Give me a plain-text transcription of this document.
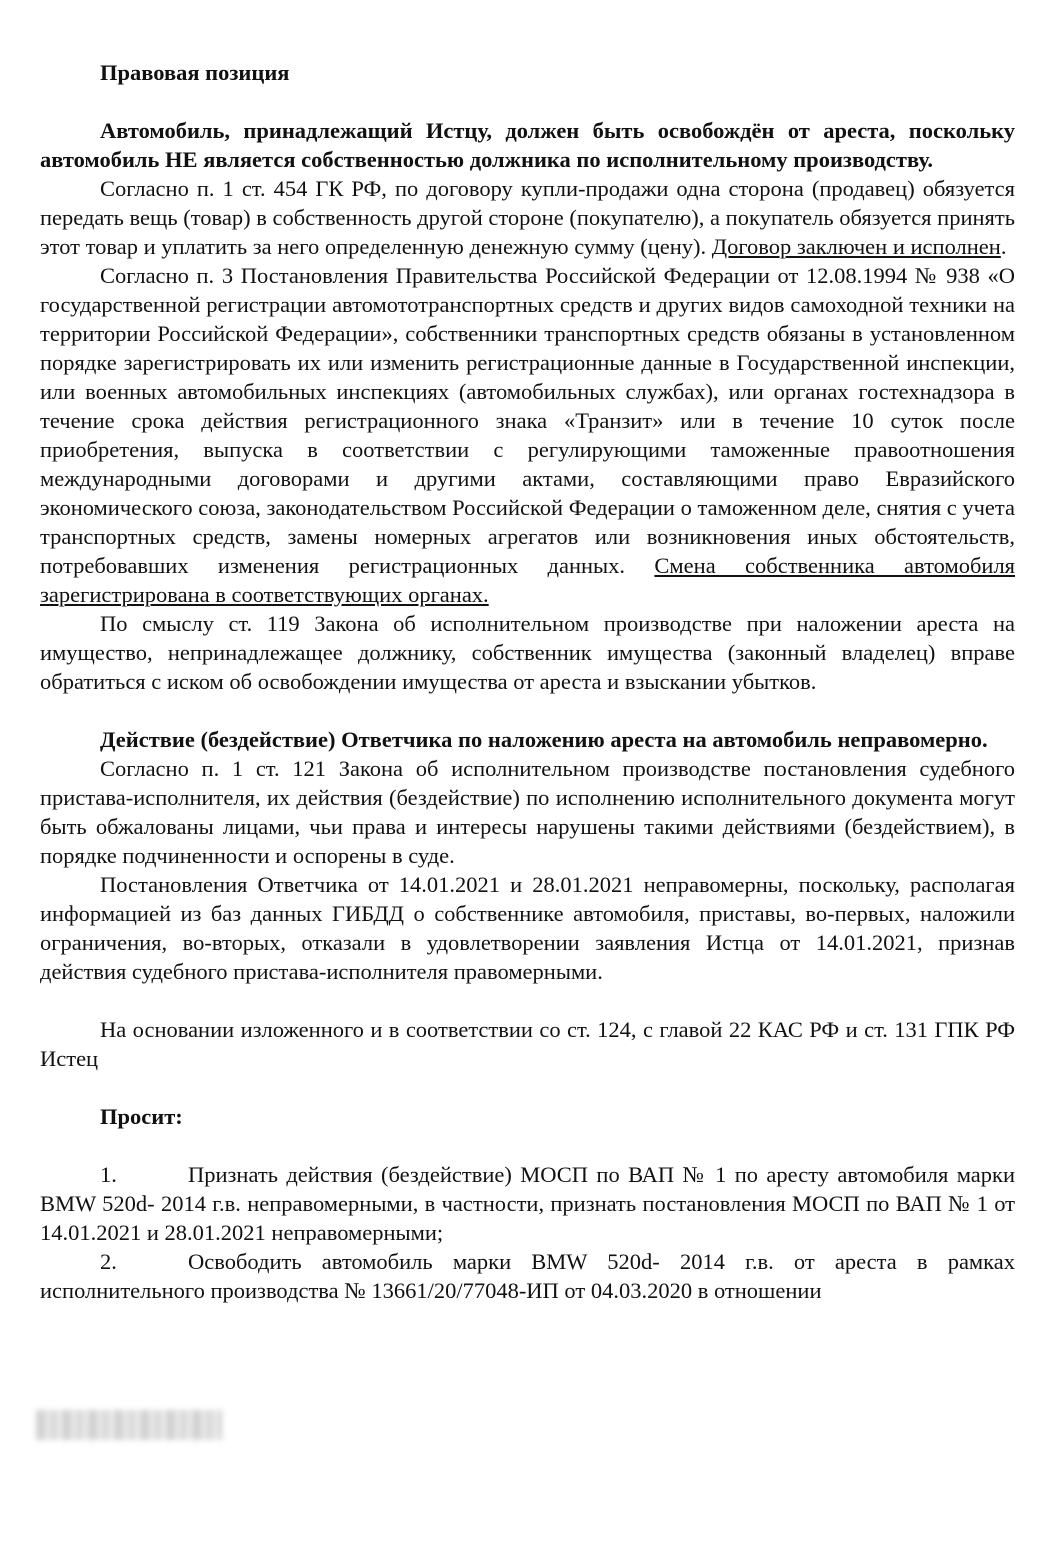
Правовая позиция

Автомобиль, принадлежащий Истцу, должен быть освобождён от ареста, поскольку автомобиль НЕ является собственностью должника по исполнительному производству.

Согласно п. 1 ст. 454 ГК РФ, по договору купли-продажи одна сторона (продавец) обязуется передать вещь (товар) в собственность другой стороне (покупателю), а покупатель обязуется принять этот товар и уплатить за него определенную денежную сумму (цену). Договор заключен и исполнен.

Согласно п. 3 Постановления Правительства Российской Федерации от 12.08.1994 № 938 «О государственной регистрации автомототранспортных средств и других видов самоходной техники на территории Российской Федерации», собственники транспортных средств обязаны в установленном порядке зарегистрировать их или изменить регистрационные данные в Государственной инспекции, или военных автомобильных инспекциях (автомобильных службах), или органах гостехнадзора в течение срока действия регистрационного знака «Транзит» или в течение 10 суток после приобретения, выпуска в соответствии с регулирующими таможенные правоотношения международными договорами и другими актами, составляющими право Евразийского экономического союза, законодательством Российской Федерации о таможенном деле, снятия с учета транспортных средств, замены номерных агрегатов или возникновения иных обстоятельств, потребовавших изменения регистрационных данных. Смена собственника автомобиля зарегистрирована в соответствующих органах.

По смыслу ст. 119 Закона об исполнительном производстве при наложении ареста на имущество, непринадлежащее должнику, собственник имущества (законный владелец) вправе обратиться с иском об освобождении имущества от ареста и взыскании убытков.

Действие (бездействие) Ответчика по наложению ареста на автомобиль неправомерно.

Согласно п. 1 ст. 121 Закона об исполнительном производстве постановления судебного пристава-исполнителя, их действия (бездействие) по исполнению исполнительного документа могут быть обжалованы лицами, чьи права и интересы нарушены такими действиями (бездействием), в порядке подчиненности и оспорены в суде.

Постановления Ответчика от 14.01.2021 и 28.01.2021 неправомерны, поскольку, располагая информацией из баз данных ГИБДД о собственнике автомобиля, приставы, во-первых, наложили ограничения, во-вторых, отказали в удовлетворении заявления Истца от 14.01.2021, признав действия судебного пристава-исполнителя правомерными.

На основании изложенного и в соответствии со ст. 124, с главой 22 КАС РФ и ст. 131 ГПК РФ Истец

Просит:

1.	Признать действия (бездействие) МОСП по ВАП № 1 по аресту автомобиля марки BMW 520d- 2014 г.в. неправомерными, в частности, признать постановления МОСП по ВАП № 1 от 14.01.2021 и 28.01.2021 неправомерными;

2.	Освободить автомобиль марки BMW 520d- 2014 г.в. от ареста в рамках исполнительного производства № 13661/20/77048-ИП от 04.03.2020 в отношении
